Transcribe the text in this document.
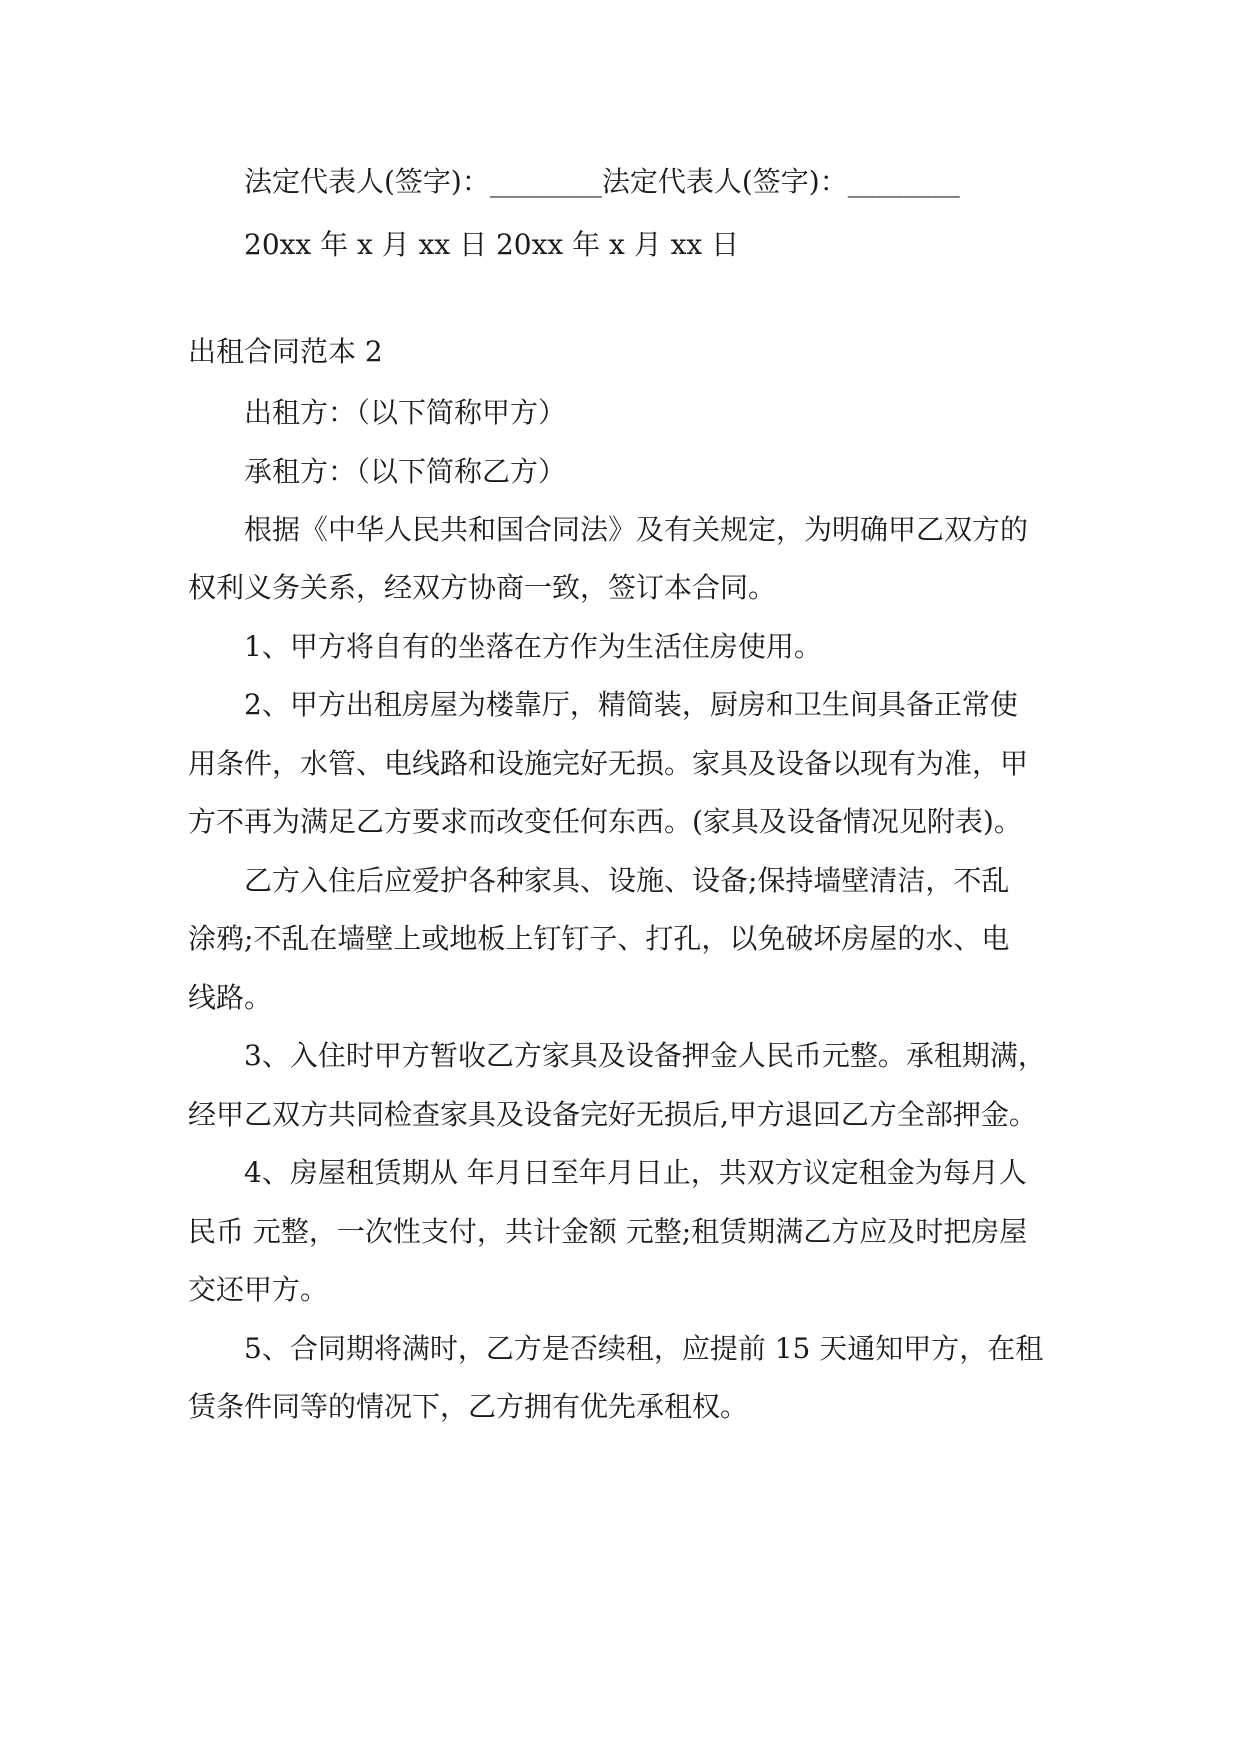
法定代表人(签字)：________法定代表人(签字)：________
20xx 年 x 月 xx 日 20xx 年 x 月 xx 日
出租合同范本 2
出租方：（以下简称甲方）
承租方：（以下简称乙方）
根据《中华人民共和国合同法》及有关规定，为明确甲乙双方的
权利义务关系，经双方协商一致，签订本合同。
1、甲方将自有的坐落在方作为生活住房使用。
2、甲方出租房屋为楼靠厅，精简装，厨房和卫生间具备正常使
用条件，水管、电线路和设施完好无损。家具及设备以现有为准，甲
方不再为满足乙方要求而改变任何东西。(家具及设备情况见附表)。
乙方入住后应爱护各种家具、设施、设备;保持墙壁清洁，不乱
涂鸦;不乱在墙壁上或地板上钉钉子、打孔，以免破坏房屋的水、电
线路。
3、入住时甲方暂收乙方家具及设备押金人民币元整。承租期满，
经甲乙双方共同检查家具及设备完好无损后,甲方退回乙方全部押金。
4、房屋租赁期从 年月日至年月日止，共双方议定租金为每月人
民币 元整，一次性支付，共计金额 元整;租赁期满乙方应及时把房屋
交还甲方。
5、合同期将满时，乙方是否续租，应提前 15 天通知甲方，在租
赁条件同等的情况下，乙方拥有优先承租权。
